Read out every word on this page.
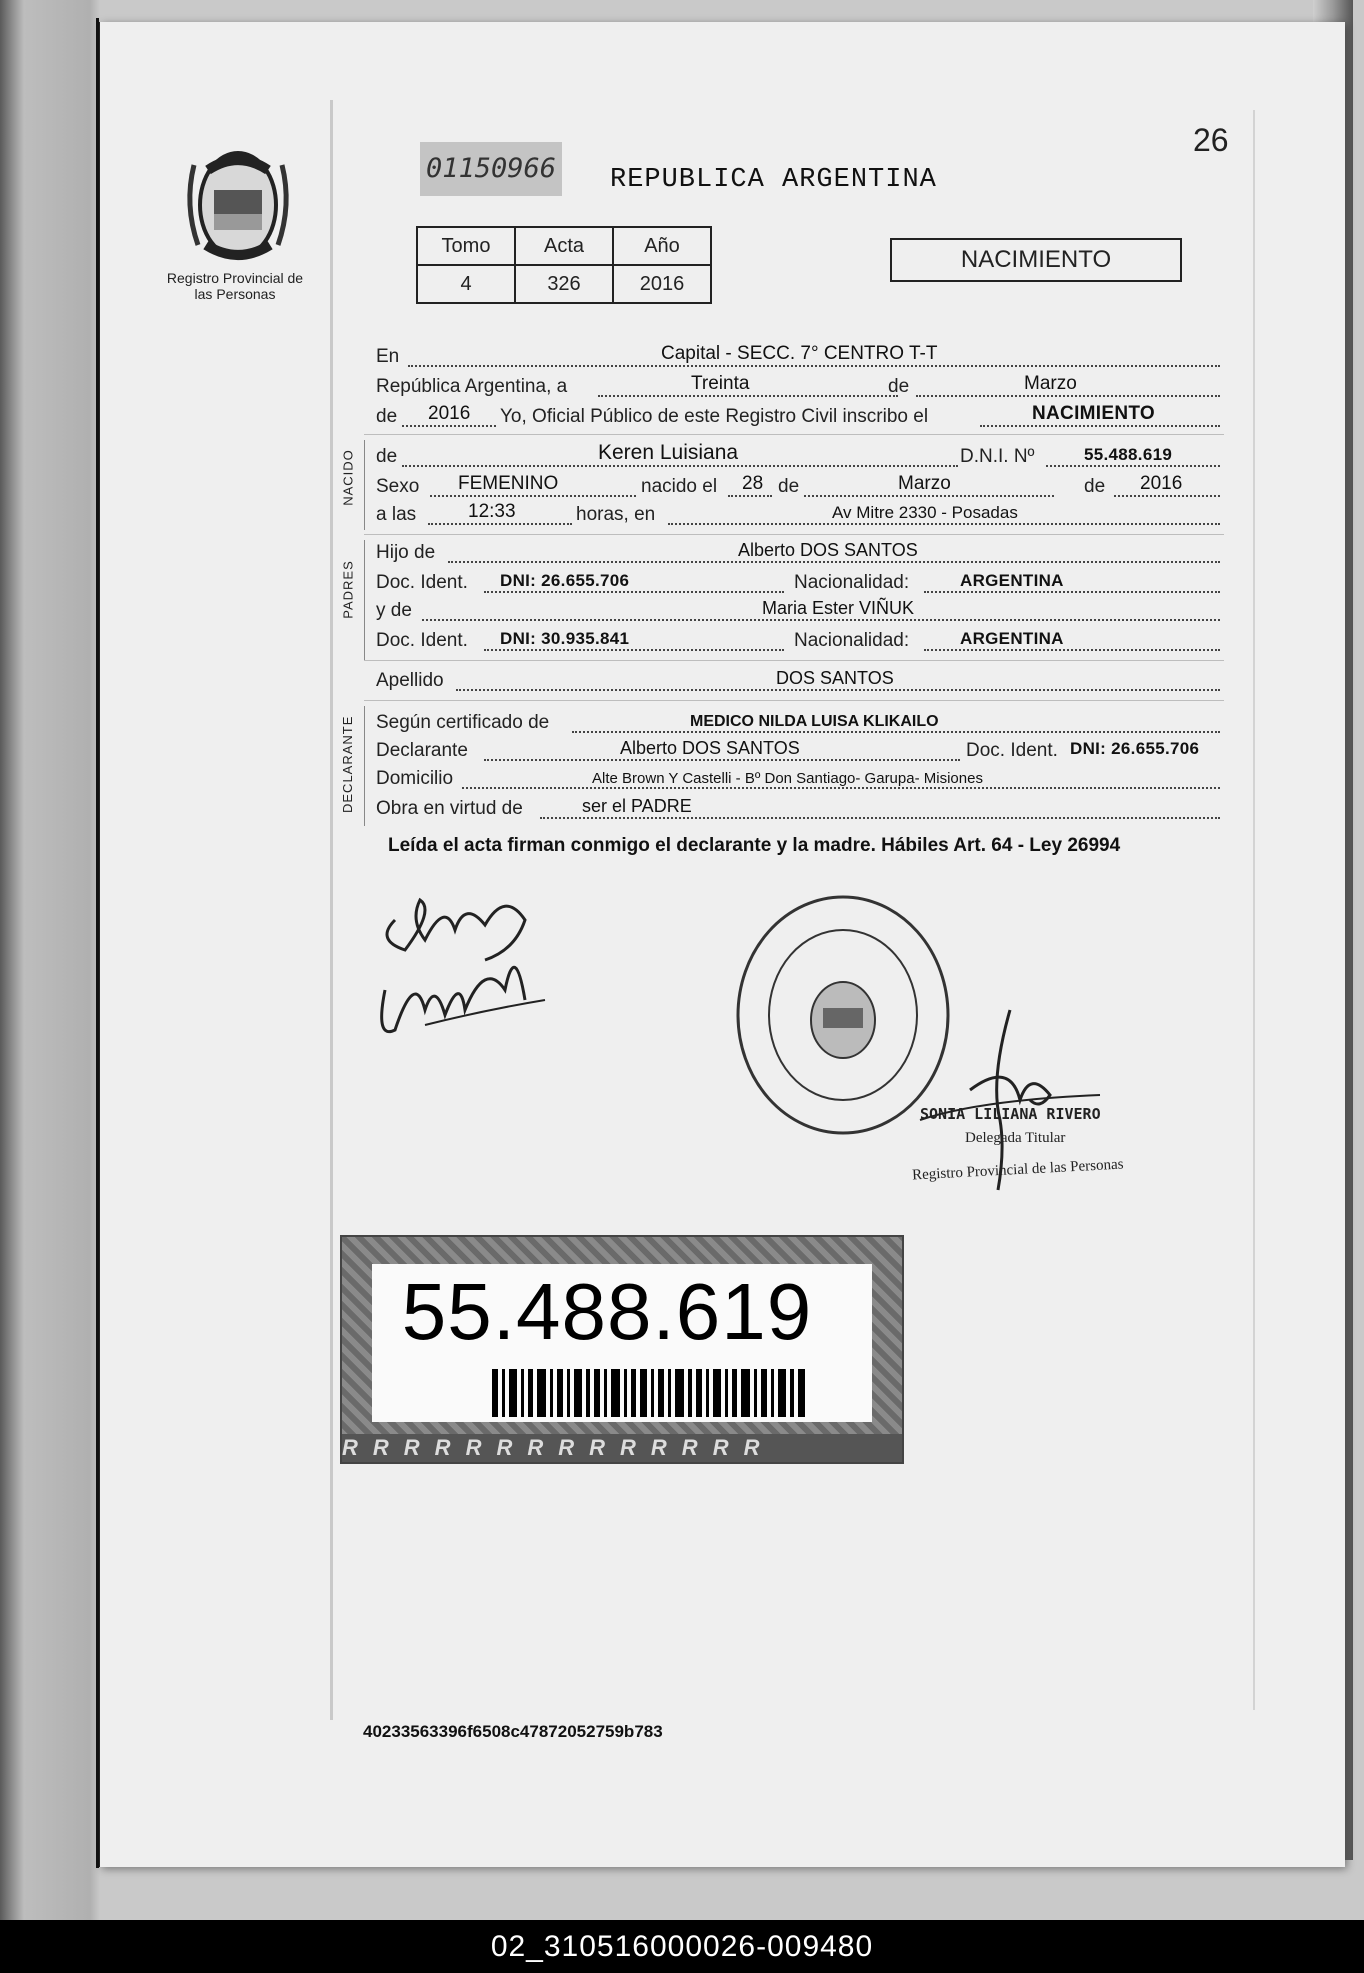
Registro Provincial de las Personas
01150966 REPUBLICA ARGENTINA
26
Tomo	Acta	Año
4	326	2016
NACIMIENTO
En	Capital - SECC. 7° CENTRO T-T
República Argentina, a	Treinta	de	Marzo
de 2016 Yo, Oficial Público de este Registro Civil inscribo el	NACIMIENTO
NACIDO de	Keren Luisiana	D.N.I. Nº	55.488.619
Sexo FEMENINO	nacido el 28 de	Marzo	de 2016
a las	12:33	horas, en	Av Mitre 2330 - Posadas
PADRES
Hijo de	Alberto DOS SANTOS
Doc. Ident. DNI: 26.655.706	Nacionalidad:	ARGENTINA
y de	Maria Ester VIÑUK
Doc. Ident. DNI: 30.935.841	Nacionalidad:	ARGENTINA
Apellido	DOS SANTOS
DECLARANTE Según certificado de	MEDICO NILDA LUISA KLIKAILO
Declarante	Alberto DOS SANTOS	Doc. Ident. DNI: 26.655.706
Domicilio	Alte Brown Y Castelli - Bº Don Santiago- Garupa- Misiones
Obra en virtud de	ser el PADRE
Leída el acta firman conmigo el declarante y la madre. Hábiles Art. 64 - Ley 26994
SONIA LILIANA RIVERO
Delegada Titular
Registro Provincial de las Personas
55.488.619
RRRRRRRRRRRRRR
40233563396f6508c47872052759b783
02_310516000026-009480
